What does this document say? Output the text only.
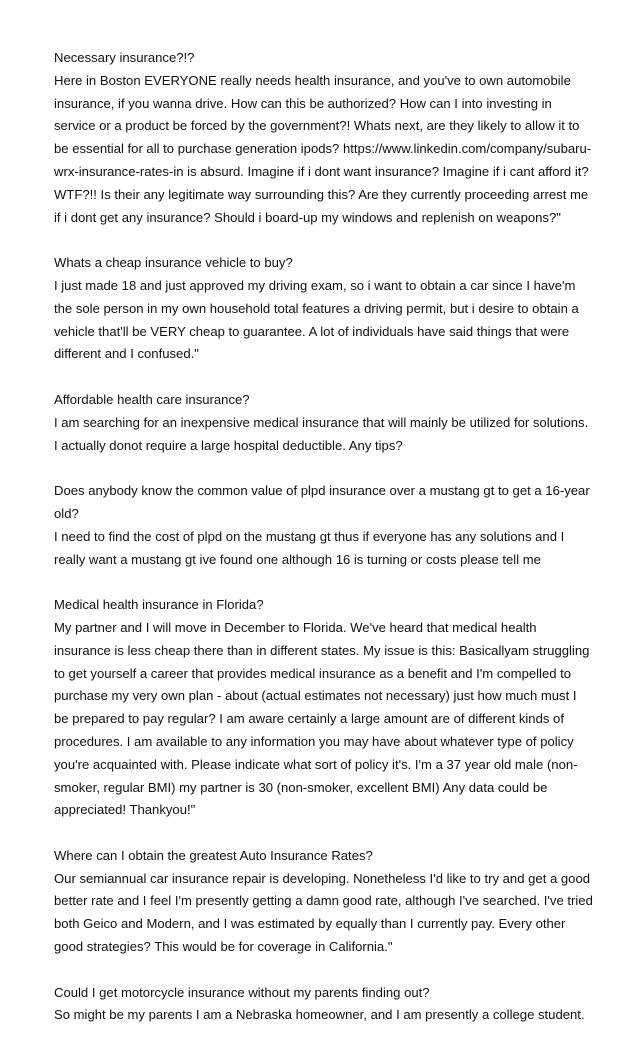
Necessary insurance?!?

Here in Boston EVERYONE really needs health insurance, and you've to own automobile
insurance, if you wanna drive. How can this be authorized? How can I into investing in
service or a product be forced by the government?! Whats next, are they likely to allow it to
be essential for all to purchase generation ipods? https://www.linkedin.com/company/subaru-
wrx-insurance-rates-in is absurd. Imagine if i dont want insurance? Imagine if i cant afford it?
WTF?!! Is their any legitimate way surrounding this? Are they currently proceeding arrest me
if i dont get any insurance? Should i board-up my windows and replenish on weapons?"

Whats a cheap insurance vehicle to buy?

I just made 18 and just approved my driving exam, so i want to obtain a car since I have'm
the sole person in my own household total features a driving permit, but i desire to obtain a
vehicle that'll be VERY cheap to guarantee. A lot of individuals have said things that were
different and I confused."

Affordable health care insurance?

I am searching for an inexpensive medical insurance that will mainly be utilized for solutions.
I actually donot require a large hospital deductible. Any tips?

Does anybody know the common value of plpd insurance over a mustang gt to get a 16-year
old?

I need to find the cost of plpd on the mustang gt thus if everyone has any solutions and I
really want a mustang gt ive found one although 16 is turning or costs please tell me

Medical health insurance in Florida?

My partner and I will move in December to Florida. We've heard that medical health
insurance is less cheap there than in different states. My issue is this: Basicallyam struggling
to get yourself a career that provides medical insurance as a benefit and I'm compelled to
purchase my very own plan - about (actual estimates not necessary) just how much must I
be prepared to pay regular? I am aware certainly a large amount are of different kinds of
procedures. I am available to any information you may have about whatever type of policy
you're acquainted with. Please indicate what sort of policy it's. I'm a 37 year old male (non-
smoker, regular BMI) my partner is 30 (non-smoker, excellent BMI) Any data could be
appreciated! Thankyou!"

Where can I obtain the greatest Auto Insurance Rates?

Our semiannual car insurance repair is developing. Nonetheless I'd like to try and get a good
better rate and I feel I'm presently getting a damn good rate, although I've searched. I've tried
both Geico and Modern, and I was estimated by equally than I currently pay. Every other
good strategies? This would be for coverage in California."

Could I get motorcycle insurance without my parents finding out?

So might be my parents I am a Nebraska homeowner, and I am presently a college student.
